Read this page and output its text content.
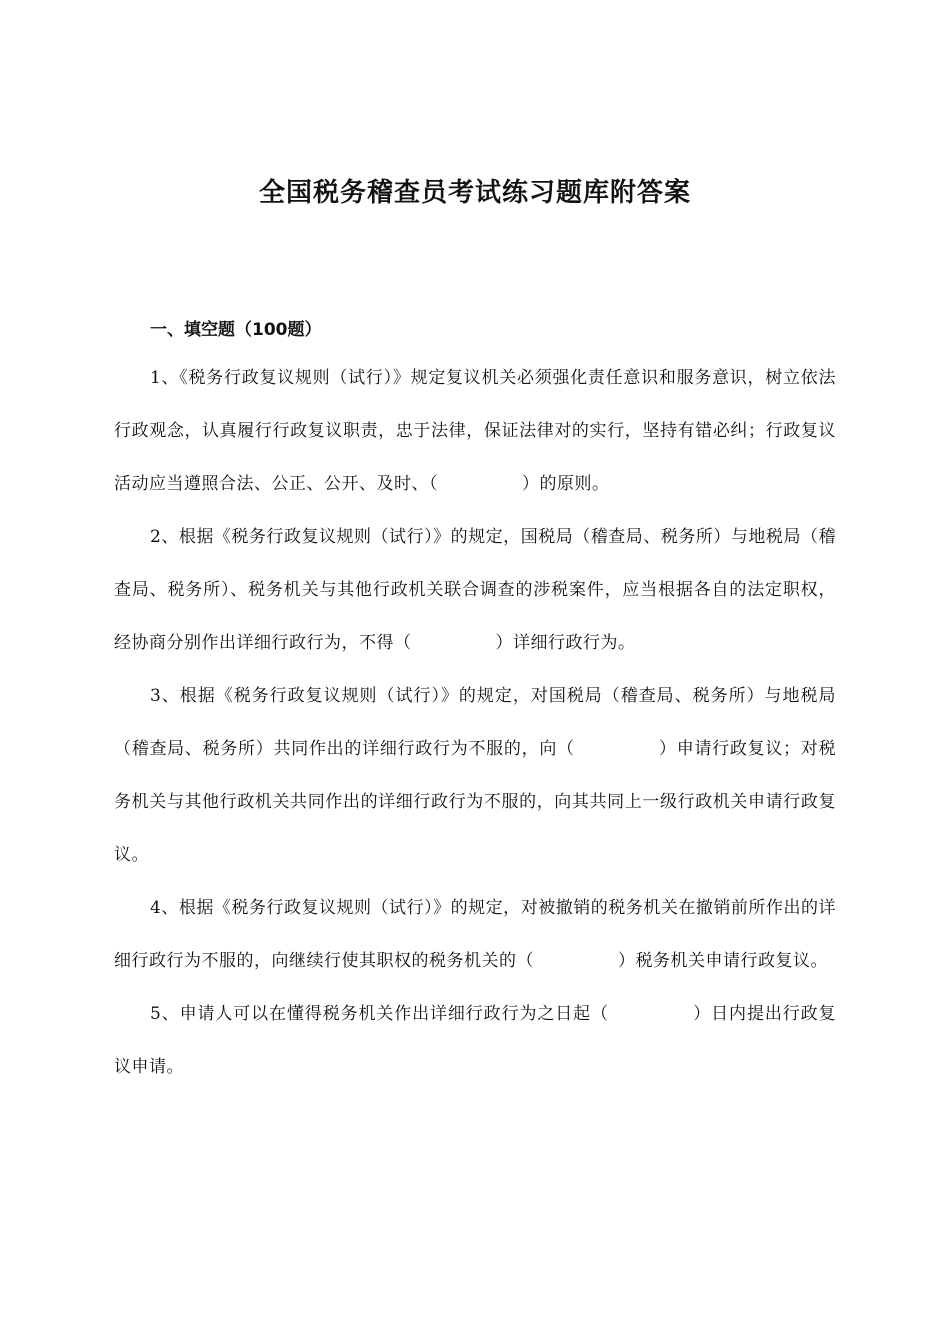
全国税务稽查员考试练习题库附答案
一、填空题（100题）

1、《税务行政复议规则（试行）》规定复议机关必须强化责任意识和服务意识，树立依法行政观念，认真履行行政复议职责，忠于法律，保证法律对的实行，坚持有错必纠；行政复议活动应当遵照合法、公正、公开、及时、（	）的原则。

2、根据《税务行政复议规则（试行）》的规定，国税局（稽查局、税务所）与地税局（稽查局、税务所）、税务机关与其他行政机关联合调查的涉税案件，应当根据各自的法定职权，经协商分别作出详细行政行为，不得（	）详细行政行为。

3、根据《税务行政复议规则（试行）》的规定，对国税局（稽查局、税务所）与地税局（稽查局、税务所）共同作出的详细行政行为不服的，向（	）申请行政复议；对税务机关与其他行政机关共同作出的详细行政行为不服的，向其共同上一级行政机关申请行政复议。

4、根据《税务行政复议规则（试行）》的规定，对被撤销的税务机关在撤销前所作出的详细行政行为不服的，向继续行使其职权的税务机关的（	）税务机关申请行政复议。

5、申请人可以在懂得税务机关作出详细行政行为之日起（	）日内提出行政复议申请。
